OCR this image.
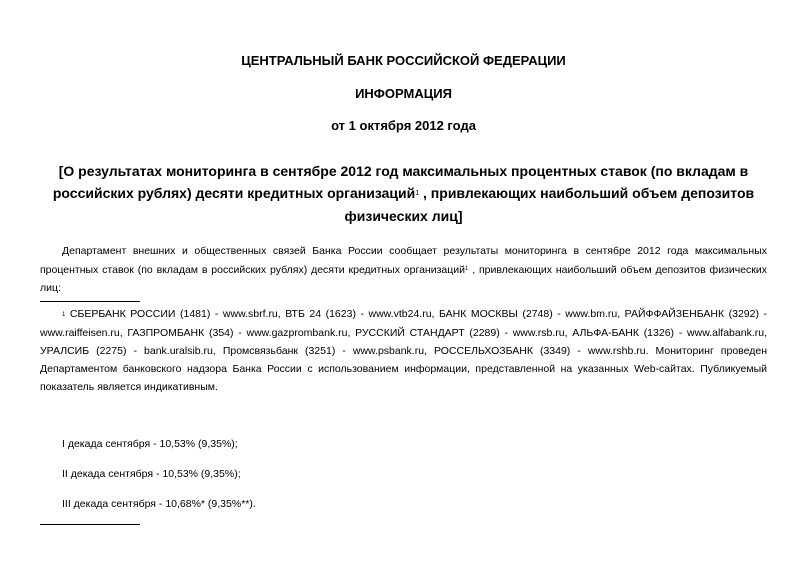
ЦЕНТРАЛЬНЫЙ БАНК РОССИЙСКОЙ ФЕДЕРАЦИИ

ИНФОРМАЦИЯ

от 1 октября 2012 года

[О результатах мониторинга в сентябре 2012 год максимальных процентных ставок (по вкладам в российских рублях) десяти кредитных организаций$^1$ , привлекающих наибольший объем депозитов физических лиц]

Департамент внешних и общественных связей Банка России сообщает результаты мониторинга в сентябре 2012 года максимальных процентных ставок (по вкладам в российских рублях) десяти кредитных организаций$^1$ , привлекающих наибольший объем депозитов физических лиц:

1 СБЕРБАНК РОССИИ (1481) - www.sbrf.ru, ВТБ 24 (1623) - www.vtb24.ru, БАНК МОСКВЫ (2748) - www.bm.ru, РАЙФФАЙЗЕНБАНК (3292) - www.raiffeisen.ru, ГАЗПРОМБАНК (354) - www.gazprombank.ru, РУССКИЙ СТАНДАРТ (2289) - www.rsb.ru, АЛЬФА-БАНК (1326) - www.alfabank.ru, УРАЛСИБ (2275) - bank.uralsib.ru, Промсвязьбанк (3251) - www.psbank.ru, РОССЕЛЬХОЗБАНК (3349) - www.rshb.ru. Мониторинг проведен Департаментом банковского надзора Банка России с использованием информации, представленной на указанных Web-сайтах. Публикуемый показатель является индикативным.

I декада сентября - 10,53% (9,35%);

II декада сентября - 10,53% (9,35%);

III декада сентября - 10,68%* (9,35%**).
